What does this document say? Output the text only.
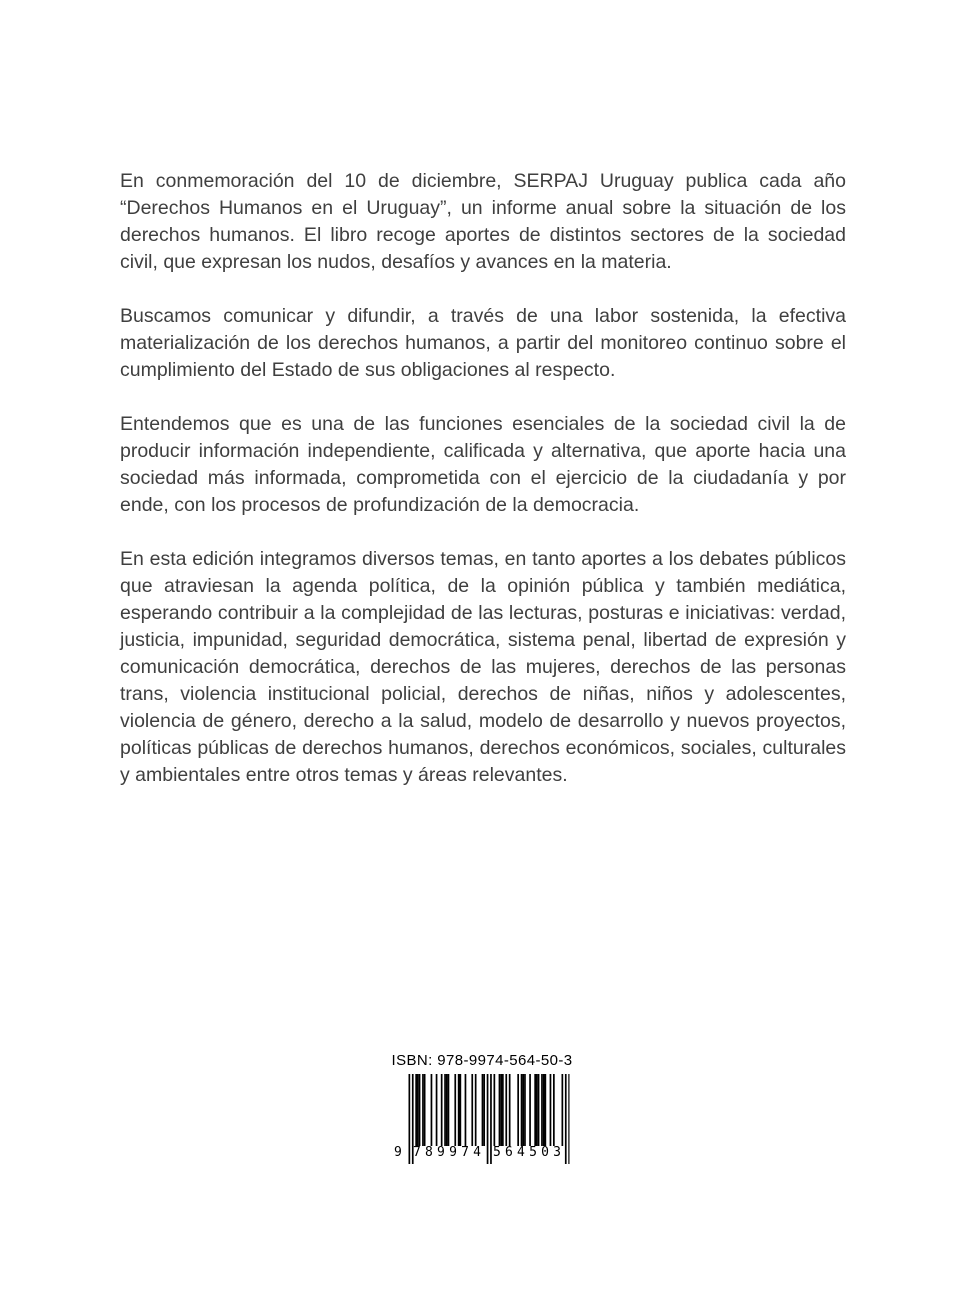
En conmemoración del 10 de diciembre, SERPAJ Uruguay publica cada año “Derechos Humanos en el Uruguay”, un informe anual sobre la situación de los derechos humanos. El libro recoge aportes de distintos sectores de la sociedad civil, que expresan los nudos, desafíos y avances en la materia.

Buscamos comunicar y difundir, a través de una labor sostenida, la efectiva materialización de los derechos humanos, a partir del monitoreo continuo sobre el cumplimiento del Estado de sus obligaciones al respecto.

Entendemos que es una de las funciones esenciales de la sociedad civil la de producir información independiente, calificada y alternativa, que aporte hacia una sociedad más informada, comprometida con el ejercicio de la ciudadanía y por ende, con los procesos de profundización de la democracia.

En esta edición integramos diversos temas, en tanto aportes a los debates públicos que atraviesan la agenda política, de la opinión pública y también mediática, esperando contribuir a la complejidad de las lecturas, posturas e iniciativas: verdad, justicia, impunidad, seguridad democrática, sistema penal, libertad de expresión y comunicación democrática, derechos de las mujeres, derechos de las personas trans, violencia institucional policial, derechos de niñas, niños y adolescentes, violencia de género, derecho a la salud, modelo de desarrollo y nuevos proyectos, políticas públicas de derechos humanos, derechos económicos, sociales, culturales y ambientales entre otros temas y áreas relevantes.

ISBN: 978-9974-564-50-3
9 789974 564503
